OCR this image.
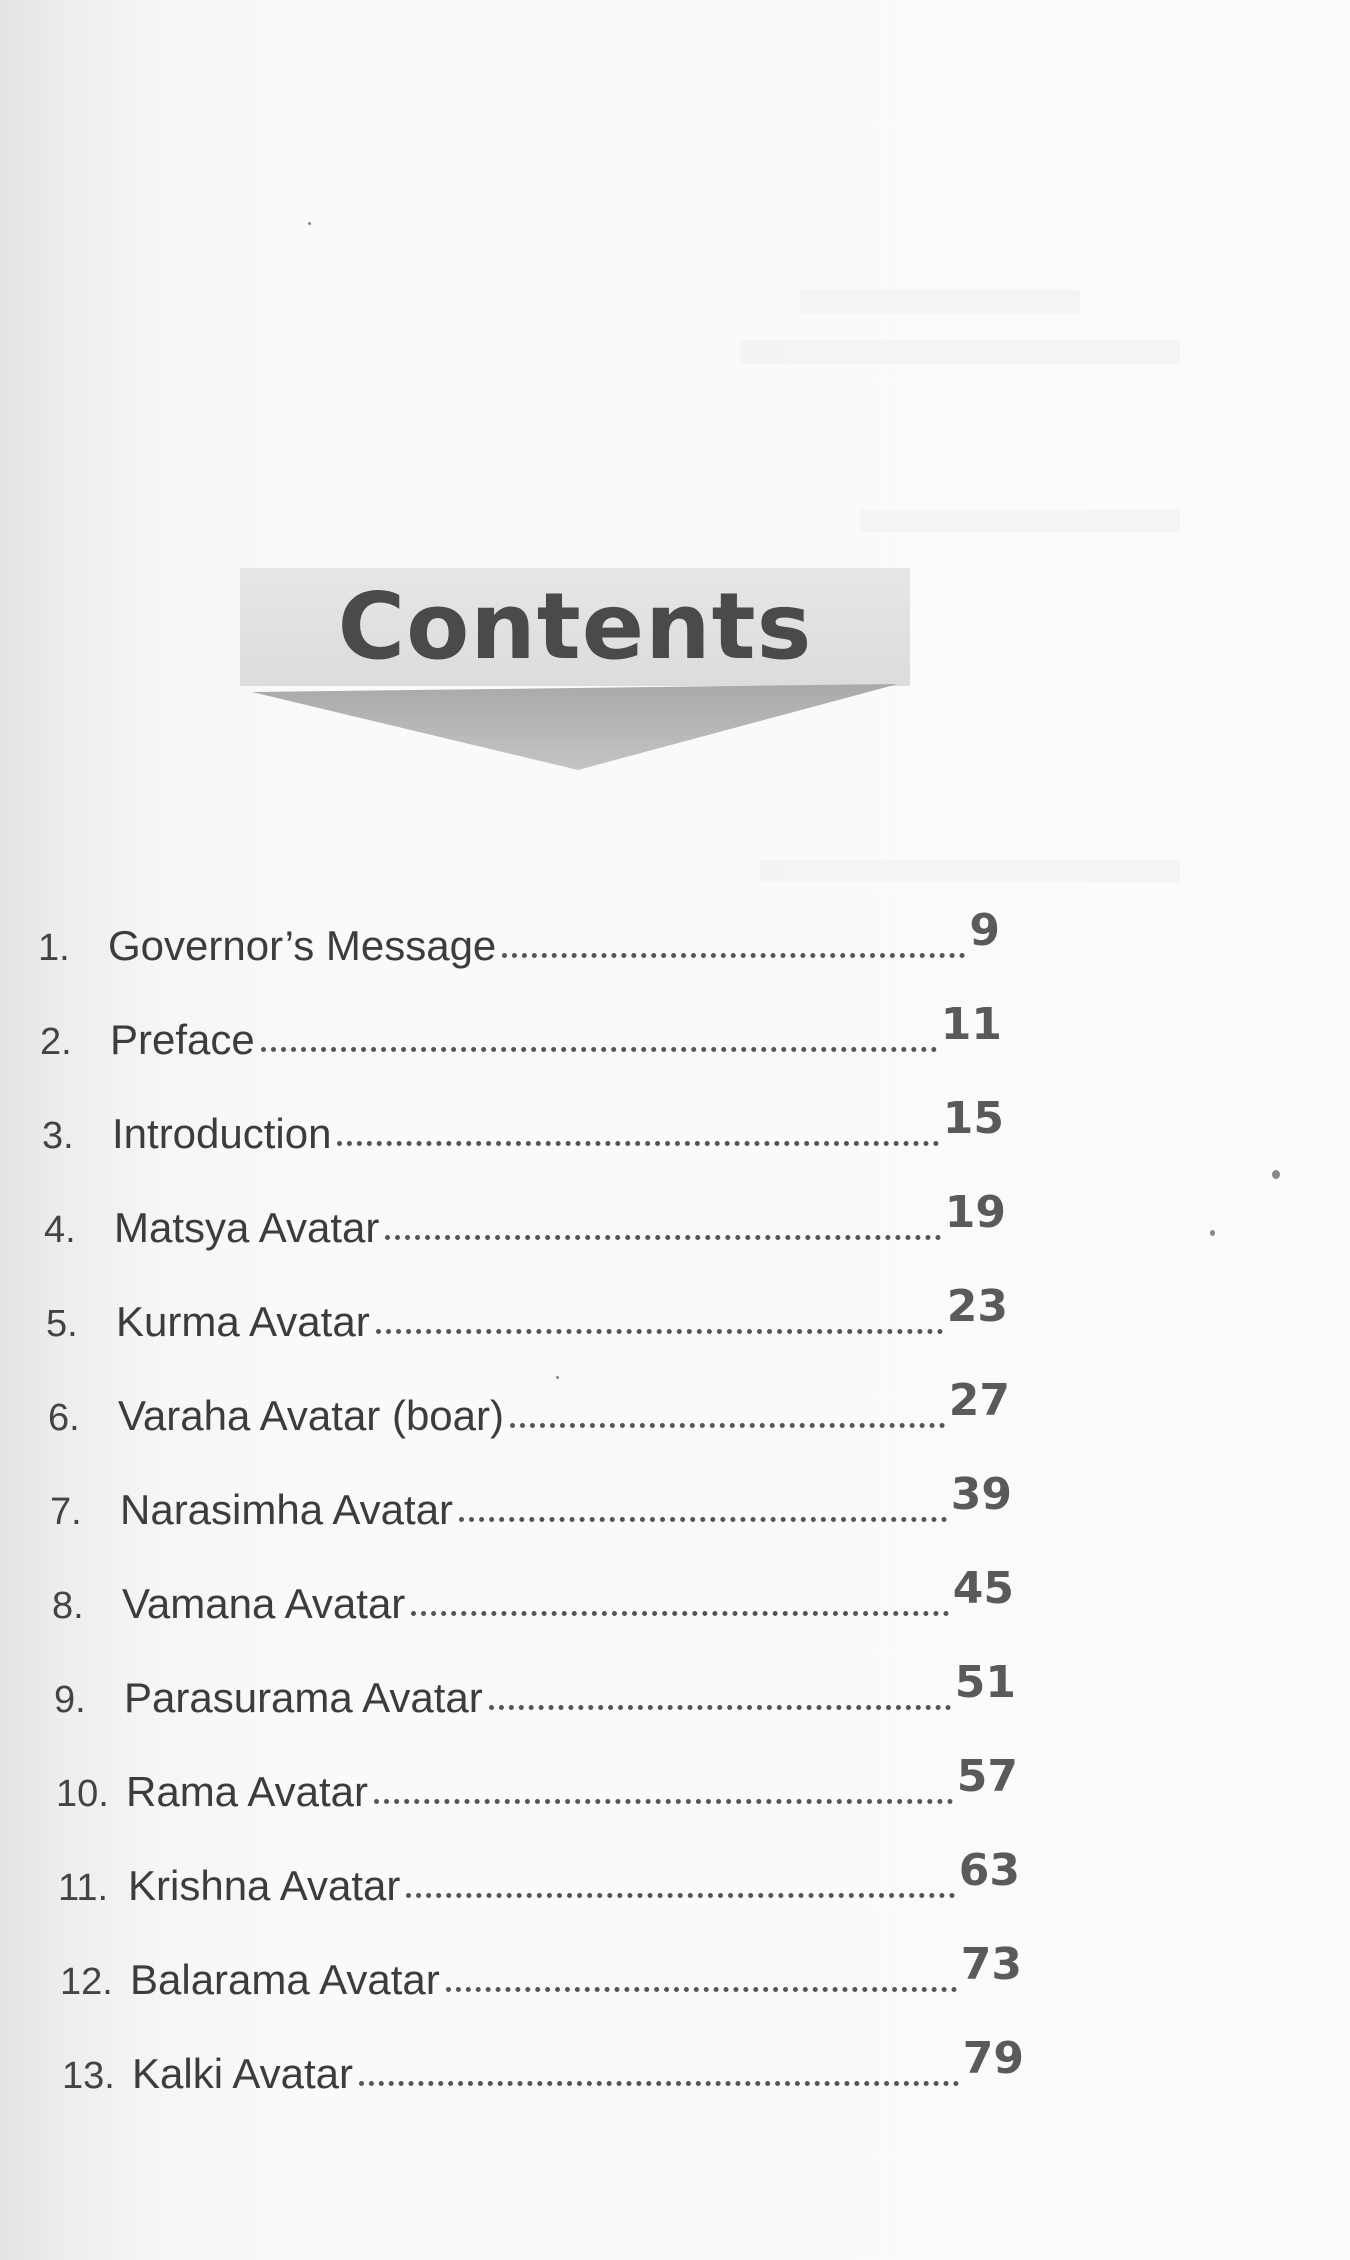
Contents
1. Governor’s Message	9
2. Preface	11
3. Introduction	15
4. Matsya Avatar	19
5. Kurma Avatar	23
6. Varaha Avatar (boar)	27
7. Narasimha Avatar	39
8. Vamana Avatar	45
9. Parasurama Avatar	51
10. Rama Avatar	57
11. Krishna Avatar	63
12. Balarama Avatar	73
13. Kalki Avatar	79
